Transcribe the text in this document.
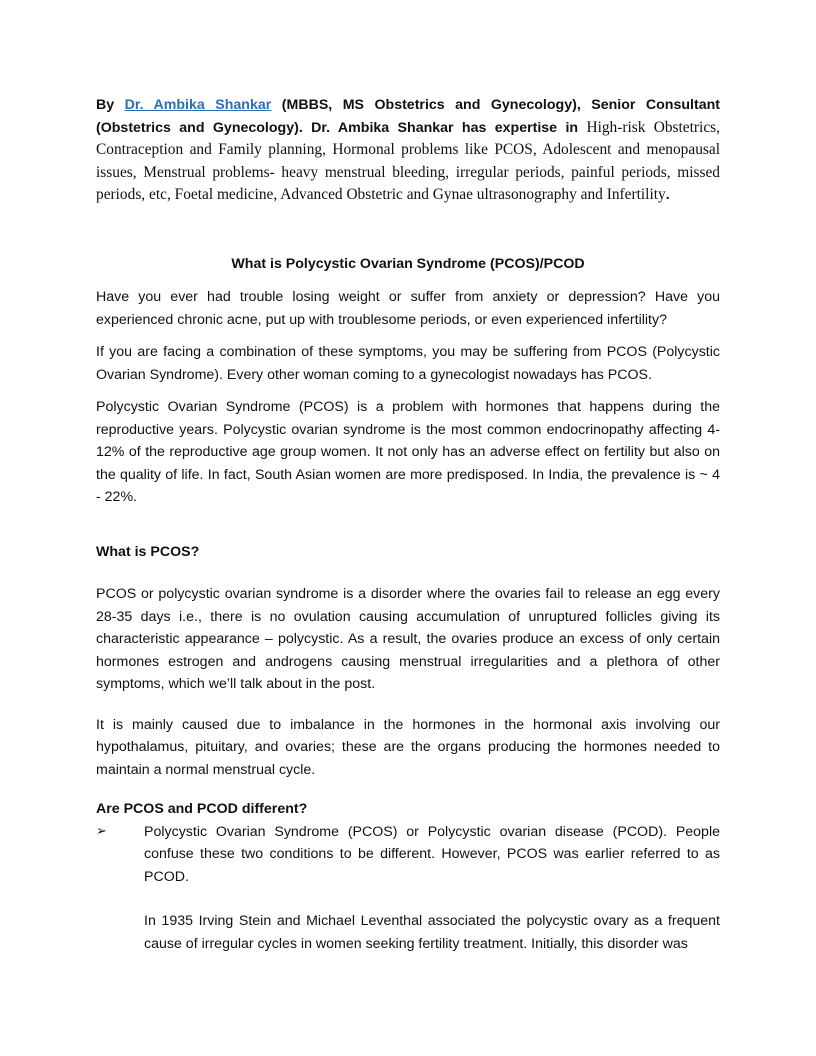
By Dr. Ambika Shankar (MBBS, MS Obstetrics and Gynecology), Senior Consultant (Obstetrics and Gynecology). Dr. Ambika Shankar has expertise in High-risk Obstetrics, Contraception and Family planning, Hormonal problems like PCOS, Adolescent and menopausal issues, Menstrual problems- heavy menstrual bleeding, irregular periods, painful periods, missed periods, etc, Foetal medicine, Advanced Obstetric and Gynae ultrasonography and Infertility.

What is Polycystic Ovarian Syndrome (PCOS)/PCOD

Have you ever had trouble losing weight or suffer from anxiety or depression? Have you experienced chronic acne, put up with troublesome periods, or even experienced infertility?

If you are facing a combination of these symptoms, you may be suffering from PCOS (Polycystic Ovarian Syndrome). Every other woman coming to a gynecologist nowadays has PCOS.

Polycystic Ovarian Syndrome (PCOS) is a problem with hormones that happens during the reproductive years. Polycystic ovarian syndrome is the most common endocrinopathy affecting 4-12% of the reproductive age group women. It not only has an adverse effect on fertility but also on the quality of life. In fact, South Asian women are more predisposed. In India, the prevalence is ~ 4 - 22%.

What is PCOS?

PCOS or polycystic ovarian syndrome is a disorder where the ovaries fail to release an egg every 28-35 days i.e., there is no ovulation causing accumulation of unruptured follicles giving its characteristic appearance – polycystic. As a result, the ovaries produce an excess of only certain hormones estrogen and androgens causing menstrual irregularities and a plethora of other symptoms, which we’ll talk about in the post.

It is mainly caused due to imbalance in the hormones in the hormonal axis involving our hypothalamus, pituitary, and ovaries; these are the organs producing the hormones needed to maintain a normal menstrual cycle.

Are PCOS and PCOD different?

➢	Polycystic Ovarian Syndrome (PCOS) or Polycystic ovarian disease (PCOD). People confuse these two conditions to be different. However, PCOS was earlier referred to as PCOD.

In 1935 Irving Stein and Michael Leventhal associated the polycystic ovary as a frequent cause of irregular cycles in women seeking fertility treatment. Initially, this disorder was
